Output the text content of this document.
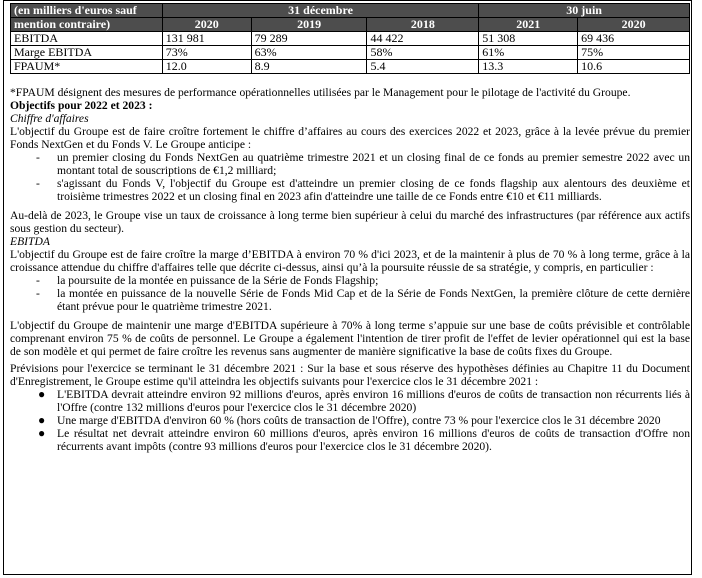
(en milliers d'euros sauf	31 décembre			30 juin	
mention contraire)	2020	2019	2018	2021	2020
EBITDA	131 981	79 289	44 422	51 308	69 436
Marge EBITDA	73%	63%	58%	61%	75%
FPAUM*	12.0	8.9	5.4	13.3	10.6

*FPAUM désignent des mesures de performance opérationnelles utilisées par le Management pour le pilotage de l'activité du Groupe.

Objectifs pour 2022 et 2023 :

Chiffre d'affaires

L'objectif du Groupe est de faire croître fortement le chiffre d’affaires au cours des exercices 2022 et 2023, grâce à la levée prévue du premier Fonds NextGen et du Fonds V. Le Groupe anticipe :

- un premier closing du Fonds NextGen au quatrième trimestre 2021 et un closing final de ce fonds au premier semestre 2022 avec un montant total de souscriptions de €1,2 milliard;
- s'agissant du Fonds V, l'objectif du Groupe est d'atteindre un premier closing de ce fonds flagship aux alentours des deuxième et troisième trimestres 2022 et un closing final en 2023 afin d'atteindre une taille de ce Fonds entre €10 et €11 milliards.

Au-delà de 2023, le Groupe vise un taux de croissance à long terme bien supérieur à celui du marché des infrastructures (par référence aux actifs sous gestion du secteur).

EBITDA

L'objectif du Groupe est de faire croître la marge d’EBITDA à environ 70 % d'ici 2023, et de la maintenir à plus de 70 % à long terme, grâce à la croissance attendue du chiffre d'affaires telle que décrite ci-dessus, ainsi qu’à la poursuite réussie de sa stratégie, y compris, en particulier :

- la poursuite de la montée en puissance de la Série de Fonds Flagship;
- la montée en puissance de la nouvelle Série de Fonds Mid Cap et de la Série de Fonds NextGen, la première clôture de cette dernière étant prévue pour le quatrième trimestre 2021.

L'objectif du Groupe de maintenir une marge d'EBITDA supérieure à 70% à long terme s’appuie sur une base de coûts prévisible et contrôlable comprenant environ 75 % de coûts de personnel. Le Groupe a également l'intention de tirer profit de l'effet de levier opérationnel qui est la base de son modèle et qui permet de faire croître les revenus sans augmenter de manière significative la base de coûts fixes du Groupe.

Prévisions pour l'exercice se terminant le 31 décembre 2021 : Sur la base et sous réserve des hypothèses définies au Chapitre 11 du Document d'Enregistrement, le Groupe estime qu'il atteindra les objectifs suivants pour l'exercice clos le 31 décembre 2021 :

● L'EBITDA devrait atteindre environ 92 millions d'euros, après environ 16 millions d'euros de coûts de transaction non récurrents liés à l'Offre (contre 132 millions d'euros pour l'exercice clos le 31 décembre 2020)
● Une marge d'EBITDA d'environ 60 % (hors coûts de transaction de l'Offre), contre 73 % pour l'exercice clos le 31 décembre 2020
● Le résultat net devrait atteindre environ 60 millions d'euros, après environ 16 millions d'euros de coûts de transaction d'Offre non récurrents avant impôts (contre 93 millions d'euros pour l'exercice clos le 31 décembre 2020).
